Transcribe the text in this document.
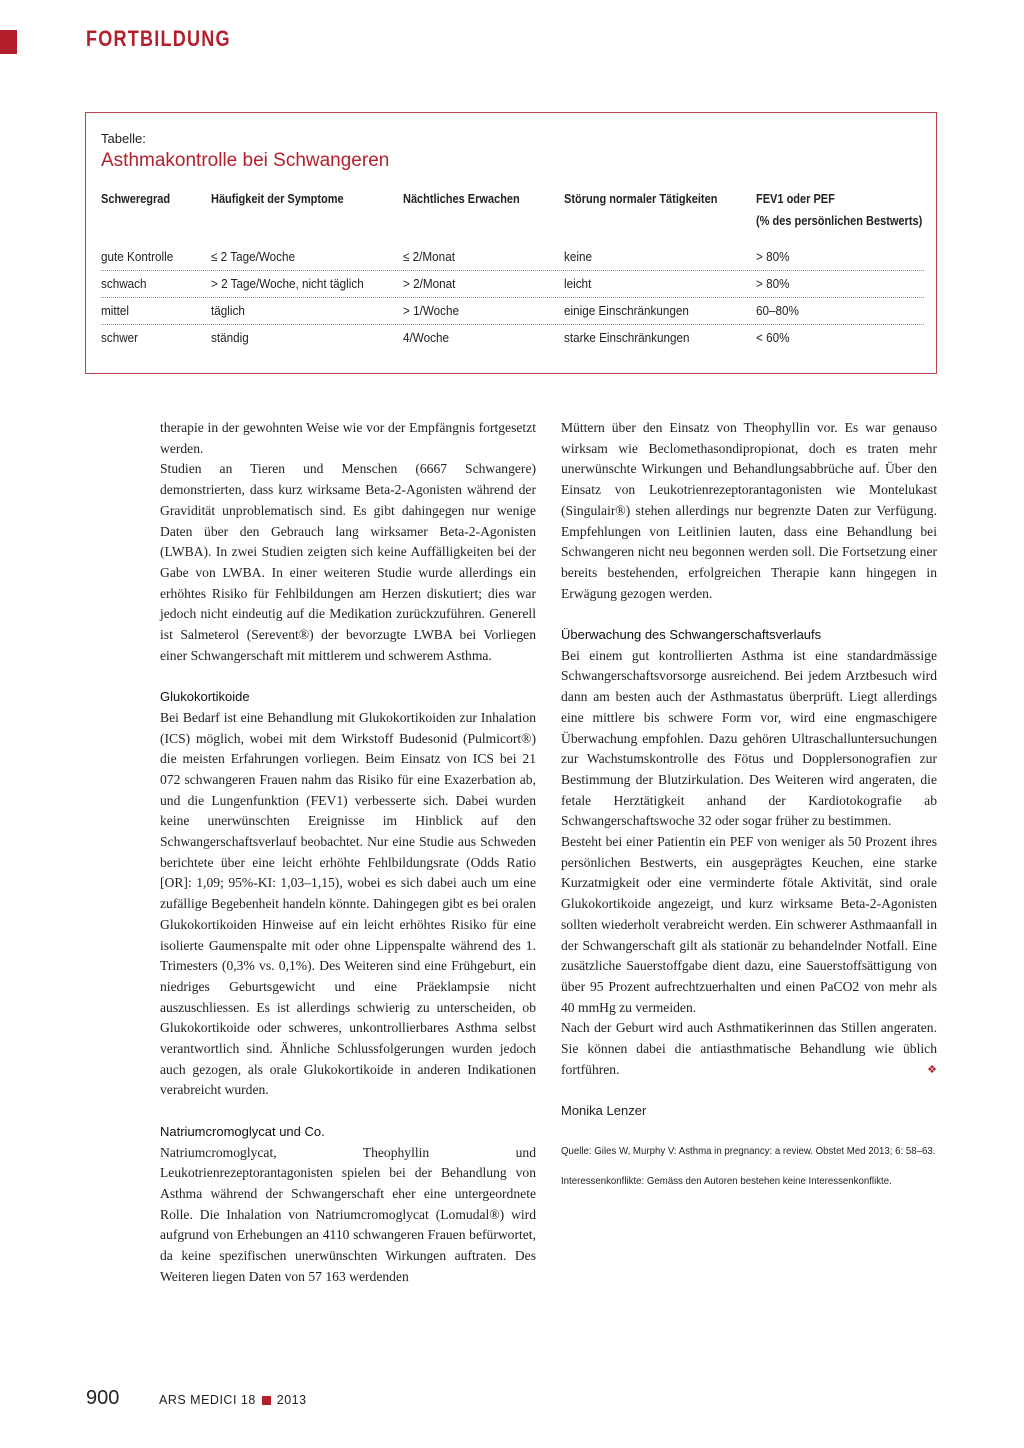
FORTBILDUNG
Tabelle:
Asthmakontrolle bei Schwangeren
Schweregrad	Häufigkeit der Symptome	Nächtliches Erwachen	Störung normaler Tätigkeiten	FEV1 oder PEF
(% des persönlichen Bestwerts)
gute Kontrolle	≤ 2 Tage/Woche	≤ 2/Monat	keine	> 80%
schwach	> 2 Tage/Woche, nicht täglich	> 2/Monat	leicht	> 80%
mittel	täglich	> 1/Woche	einige Einschränkungen	60–80%
schwer	ständig	4/Woche	starke Einschränkungen	< 60%

therapie in der gewohnten Weise wie vor der Empfängnis fortgesetzt werden.

Studien an Tieren und Menschen (6667 Schwangere) demonstrierten, dass kurz wirksame Beta-2-Agonisten während der Gravidität unproblematisch sind. Es gibt dahingegen nur wenige Daten über den Gebrauch lang wirksamer Beta-2-Agonisten (LWBA). In zwei Studien zeigten sich keine Auffälligkeiten bei der Gabe von LWBA. In einer weiteren Studie wurde allerdings ein erhöhtes Risiko für Fehlbildungen am Herzen diskutiert; dies war jedoch nicht eindeutig auf die Medikation zurückzuführen. Generell ist Salmeterol (Serevent®) der bevorzugte LWBA bei Vorliegen einer Schwangerschaft mit mittlerem und schwerem Asthma.

Glukokortikoide

Bei Bedarf ist eine Behandlung mit Glukokortikoiden zur Inhalation (ICS) möglich, wobei mit dem Wirkstoff Budesonid (Pulmicort®) die meisten Erfahrungen vorliegen. Beim Einsatz von ICS bei 21 072 schwangeren Frauen nahm das Risiko für eine Exazerbation ab, und die Lungenfunktion (FEV1) verbesserte sich. Dabei wurden keine unerwünschten Ereignisse im Hinblick auf den Schwangerschaftsverlauf beobachtet. Nur eine Studie aus Schweden berichtete über eine leicht erhöhte Fehlbildungsrate (Odds Ratio [OR]: 1,09; 95%-KI: 1,03–1,15), wobei es sich dabei auch um eine zufällige Begebenheit handeln könnte. Dahingegen gibt es bei oralen Glukokortikoiden Hinweise auf ein leicht erhöhtes Risiko für eine isolierte Gaumenspalte mit oder ohne Lippenspalte während des 1. Trimesters (0,3% vs. 0,1%). Des Weiteren sind eine Frühgeburt, ein niedriges Geburtsgewicht und eine Präeklampsie nicht auszuschliessen. Es ist allerdings schwierig zu unterscheiden, ob Glukokortikoide oder schweres, unkontrollierbares Asthma selbst verantwortlich sind. Ähnliche Schlussfolgerungen wurden jedoch auch gezogen, als orale Glukokortikoide in anderen Indikationen verabreicht wurden.

Natriumcromoglycat und Co.

Natriumcromoglycat, Theophyllin und Leukotrienrezeptorantagonisten spielen bei der Behandlung von Asthma während der Schwangerschaft eher eine untergeordnete Rolle. Die Inhalation von Natriumcromoglycat (Lomudal®) wird aufgrund von Erhebungen an 4110 schwangeren Frauen befürwortet, da keine spezifischen unerwünschten Wirkungen auftraten. Des Weiteren liegen Daten von 57 163 werdenden

Müttern über den Einsatz von Theophyllin vor. Es war genauso wirksam wie Beclomethasondipropionat, doch es traten mehr unerwünschte Wirkungen und Behandlungsabbrüche auf. Über den Einsatz von Leukotrienrezeptorantagonisten wie Montelukast (Singulair®) stehen allerdings nur begrenzte Daten zur Verfügung. Empfehlungen von Leitlinien lauten, dass eine Behandlung bei Schwangeren nicht neu begonnen werden soll. Die Fortsetzung einer bereits bestehenden, erfolgreichen Therapie kann hingegen in Erwägung gezogen werden.

Überwachung des Schwangerschaftsverlaufs

Bei einem gut kontrollierten Asthma ist eine standardmässige Schwangerschaftsvorsorge ausreichend. Bei jedem Arztbesuch wird dann am besten auch der Asthmastatus überprüft. Liegt allerdings eine mittlere bis schwere Form vor, wird eine engmaschigere Überwachung empfohlen. Dazu gehören Ultraschalluntersuchungen zur Wachstumskontrolle des Fötus und Dopplersonografien zur Bestimmung der Blutzirkulation. Des Weiteren wird angeraten, die fetale Herztätigkeit anhand der Kardiotokografie ab Schwangerschaftswoche 32 oder sogar früher zu bestimmen.

Besteht bei einer Patientin ein PEF von weniger als 50 Prozent ihres persönlichen Bestwerts, ein ausgeprägtes Keuchen, eine starke Kurzatmigkeit oder eine verminderte fötale Aktivität, sind orale Glukokortikoide angezeigt, und kurz wirksame Beta-2-Agonisten sollten wiederholt verabreicht werden. Ein schwerer Asthmaanfall in der Schwangerschaft gilt als stationär zu behandelnder Notfall. Eine zusätzliche Sauerstoffgabe dient dazu, eine Sauerstoffsättigung von über 95 Prozent aufrechtzuerhalten und einen PaCO2 von mehr als 40 mmHg zu vermeiden.

Nach der Geburt wird auch Asthmatikerinnen das Stillen angeraten. Sie können dabei die antiasthmatische Behandlung wie üblich fortführen.	❖

Monika Lenzer
Quelle: Giles W, Murphy V: Asthma in pregnancy: a review. Obstet Med 2013; 6: 58–63.
Interessenkonflikte: Gemäss den Autoren bestehen keine Interessenkonflikte.
900	ARS MEDICI 18 2013
